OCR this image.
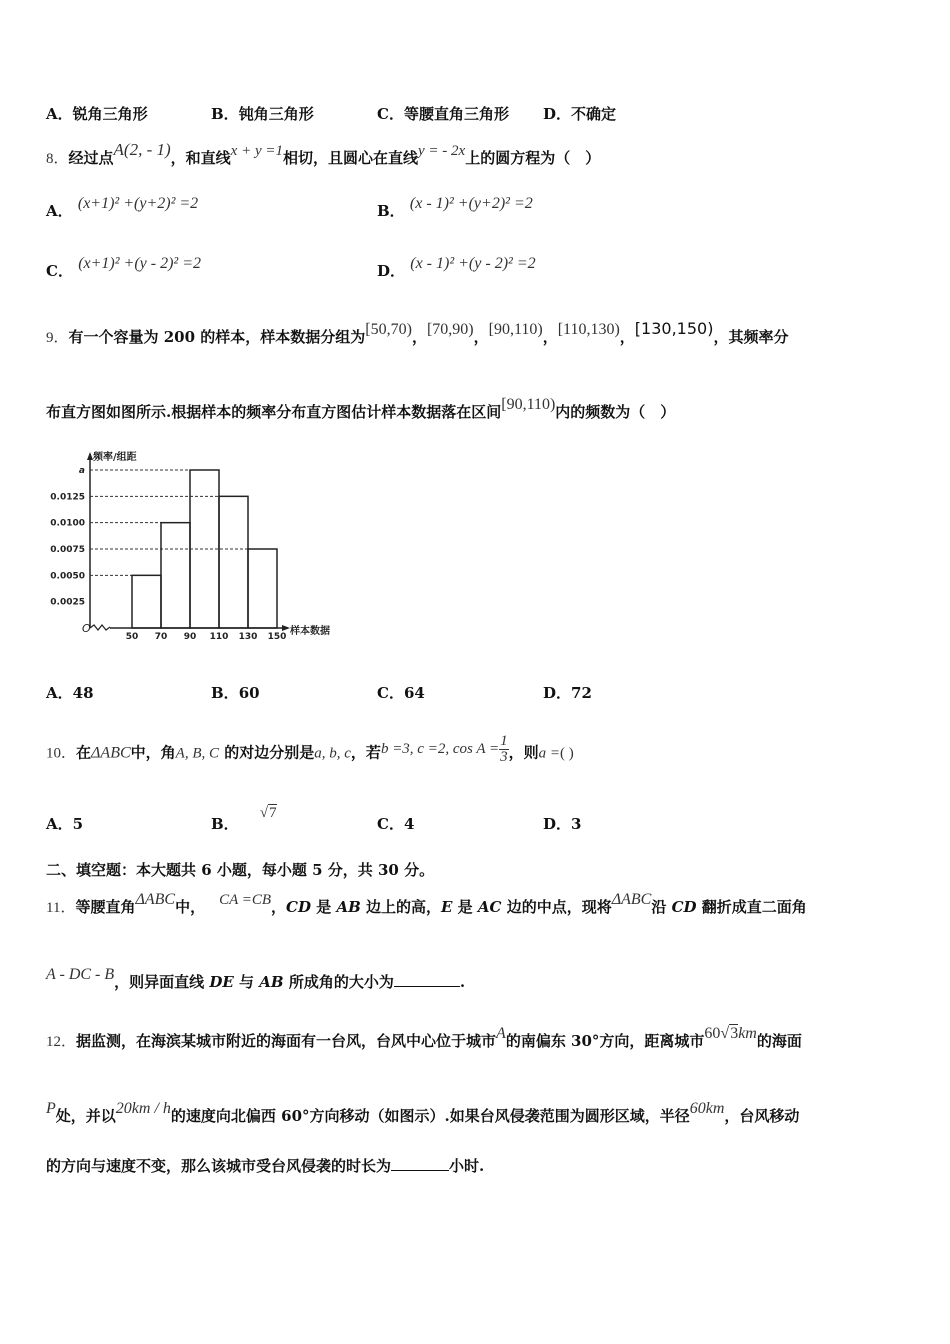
A．锐角三角形	B．钝角三角形	C．等腰直角三角形 D．不确定
8．经过点A(2, - 1)，和直线x + y =1相切，且圆心在直线y = - 2x上的圆方程为（　）
A． (x+1)² +(y+2)² =2	B． (x - 1)² +(y+2)² =2
C． (x+1)² +(y - 2)² =2	D． (x - 1)² +(y - 2)² =2
9．有一个容量为 200 的样本，样本数据分组为[50,70)，[70,90)，[90,110)，[110,130)，[130,150)，其频率分
布直方图如图所示.根据样本的频率分布直方图估计样本数据落在区间[90,110)内的频数为（　）
频率/组距
样本数据
O
0.0025
0.0050
0.0075
0.0100
0.0125
a
50 70 90 110 130 150
A．48	B．60	C．64	D．72
10．在ΔABC中，角A, B, C 的对边分别是a, b, c，若b =3, c =2, $\cos A = \frac{1}{3}$ ，则a =( )
A．5	B． √7
C．4	D．3
二、填空题：本大题共 6 小题，每小题 5 分，共 30 分。
11．等腰直角ΔABC中， CA =CB，CD 是 AB 边上的高，E 是 AC 边的中点，现将ΔABC沿 CD 翻折成直二面角
A - DC - B，则异面直线 DE 与 AB 所成角的大小为	.
12．据监测，在海滨某城市附近的海面有一台风，台风中心位于城市A的南偏东 30°方向，距离城市60√3km的海面
P处，并以20km / h的速度向北偏西 60°方向移动（如图示）.如果台风侵袭范围为圆形区域，半径60km，台风移动
的方向与速度不变，那么该城市受台风侵袭的时长为	小时.
